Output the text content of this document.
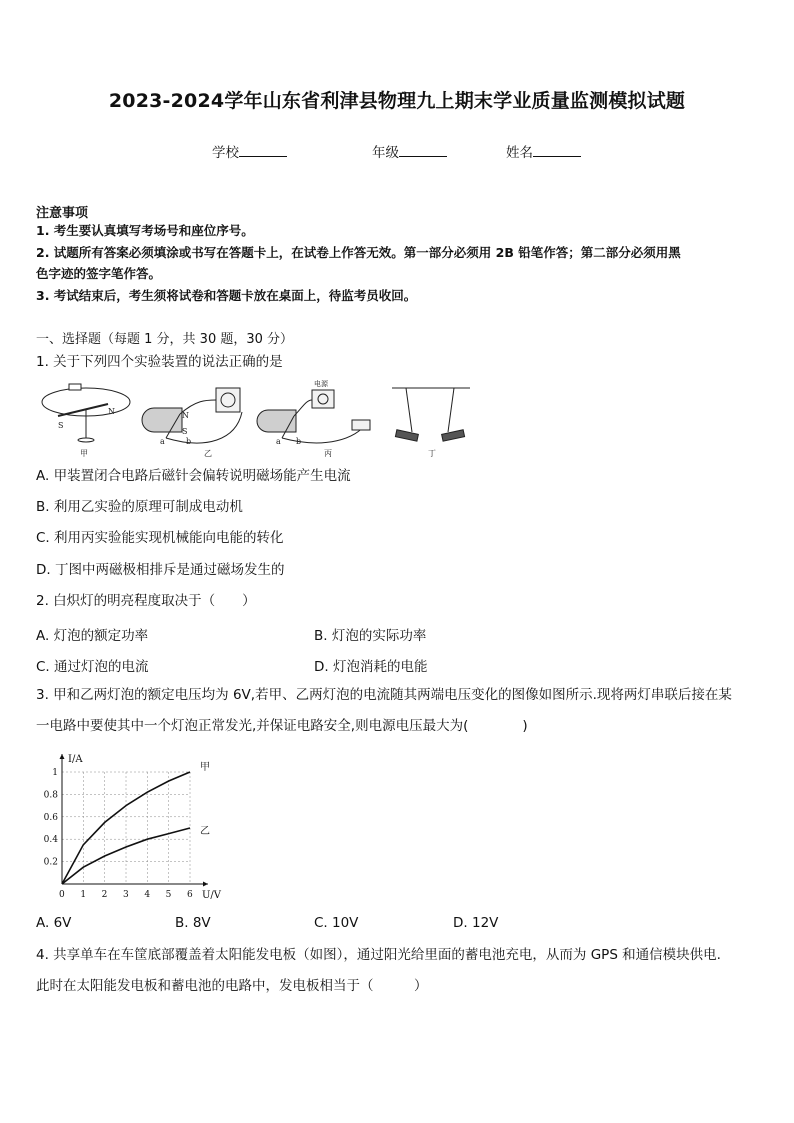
2023-2024学年山东省利津县物理九上期末学业质量监测模拟试题
学校	年级	姓名
注意事项
1. 考生要认真填写考场号和座位序号。
2. 试题所有答案必须填涂或书写在答题卡上，在试卷上作答无效。第一部分必须用 2B 铅笔作答；第二部分必须用黑
色字迹的签字笔作答。
3. 考试结束后，考生须将试卷和答题卡放在桌面上，待监考员收回。
一、选择题（每题 1 分，共 30 题，30 分）
1. 关于下列四个实验装置的说法正确的是
S
N
甲
N
S
a	b
乙
电源
a b
丙	丁
A. 甲装置闭合电路后磁针会偏转说明磁场能产生电流
B. 利用乙实验的原理可制成电动机
C. 利用丙实验能实现机械能向电能的转化
D. 丁图中两磁极相排斥是通过磁场发生的
2. 白炽灯的明亮程度取决于（　　）
A. 灯泡的额定功率	B. 灯泡的实际功率
C. 通过灯泡的电流	D. 灯泡消耗的电能
3. 甲和乙两灯泡的额定电压均为 6V,若甲、乙两灯泡的电流随其两端电压变化的图像如图所示.现将两灯串联后接在某
一电路中要使其中一个灯泡正常发光,并保证电路安全,则电源电压最大为(　　　　)
0 1 2 3 4 5 6
0.2
0.4
0.6
0.8
1
I/A
U/V
甲
乙
A. 6V	B. 8V	C. 10V	D. 12V
4. 共享单车在车筐底部覆盖着太阳能发电板（如图），通过阳光给里面的蓄电池充电，从而为 GPS 和通信模块供电.
此时在太阳能发电板和蓄电池的电路中，发电板相当于（　　　）
